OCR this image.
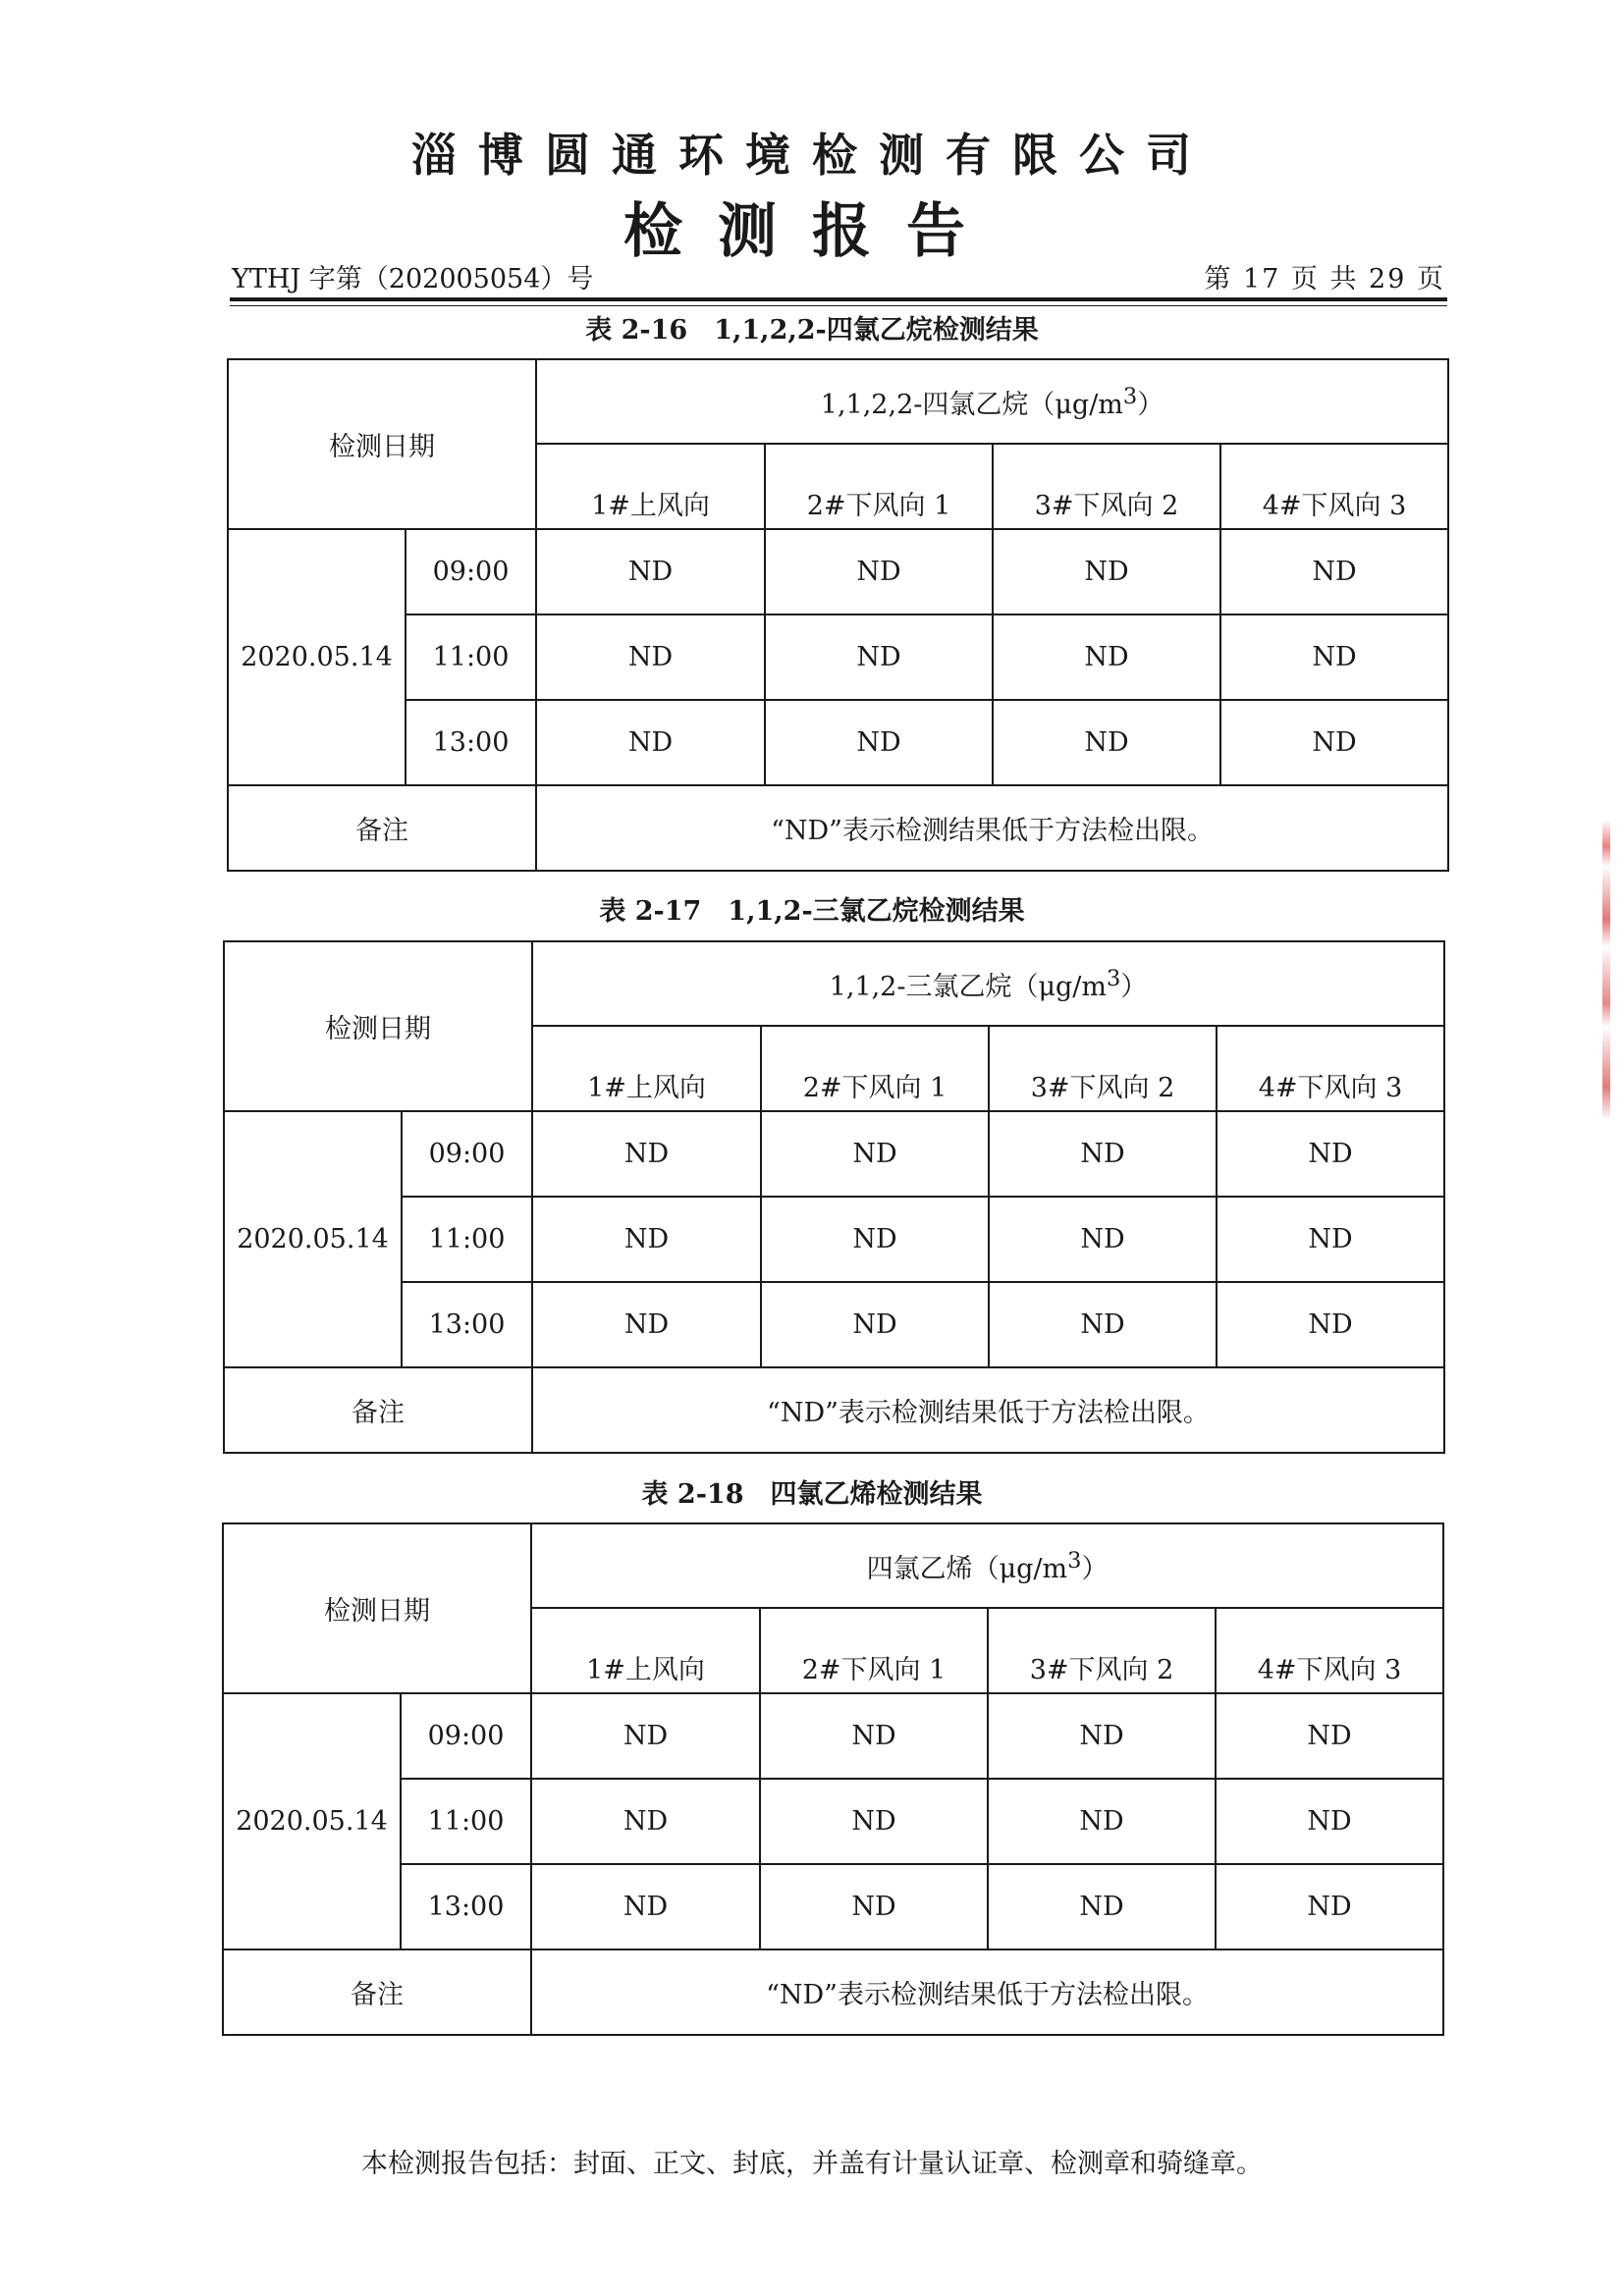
淄博圆通环境检测有限公司
检测报告
YTHJ 字第（202005054）号	第 17 页 共 29 页
表 2-16　1,1,2,2-四氯乙烷检测结果
检测日期		1,1,2,2-四氯乙烷$(\mu g/m^3)$			
		1#上风向	2#下风向 1	3#下风向 2	4#下风向 3
2020.05.14	09:00	ND	ND	ND	ND
	11:00	ND	ND	ND	ND
	13:00	ND	ND	ND	ND
备注		“ND”表示检测结果低于方法检出限。			
表 2-17　1,1,2-三氯乙烷检测结果
检测日期		1,1,2-三氯乙烷$(\mu g/m^3)$			
		1#上风向	2#下风向 1	3#下风向 2	4#下风向 3
2020.05.14	09:00	ND	ND	ND	ND
	11:00	ND	ND	ND	ND
	13:00	ND	ND	ND	ND
备注		“ND”表示检测结果低于方法检出限。			
表 2-18　四氯乙烯检测结果
检测日期		四氯乙烯$(\mu g/m^3)$			
		1#上风向	2#下风向 1	3#下风向 2	4#下风向 3
2020.05.14	09:00	ND	ND	ND	ND
	11:00	ND	ND	ND	ND
	13:00	ND	ND	ND	ND
备注		“ND”表示检测结果低于方法检出限。			
本检测报告包括：封面、正文、封底，并盖有计量认证章、检测章和骑缝章。
